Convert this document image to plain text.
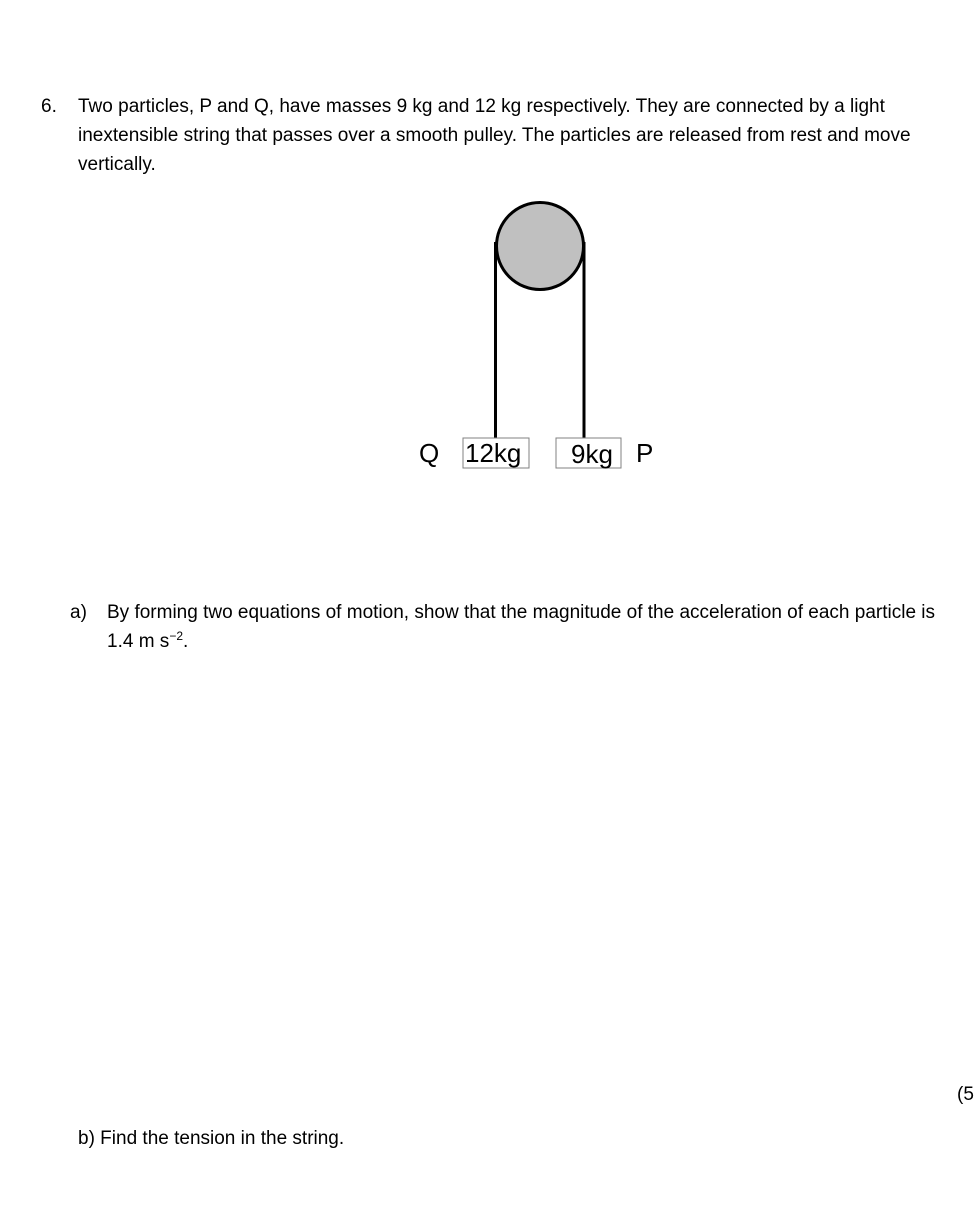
6. Two particles, P and Q, have masses 9 kg and 12 kg respectively. They are connected by a light inextensible string that passes over a smooth pulley. The particles are released from rest and move vertically.
Q 12kg 9kg P
a) By forming two equations of motion, show that the magnitude of the acceleration of each particle is 1.4 m $s^{-2}$.
(5
b) Find the tension in the string.
